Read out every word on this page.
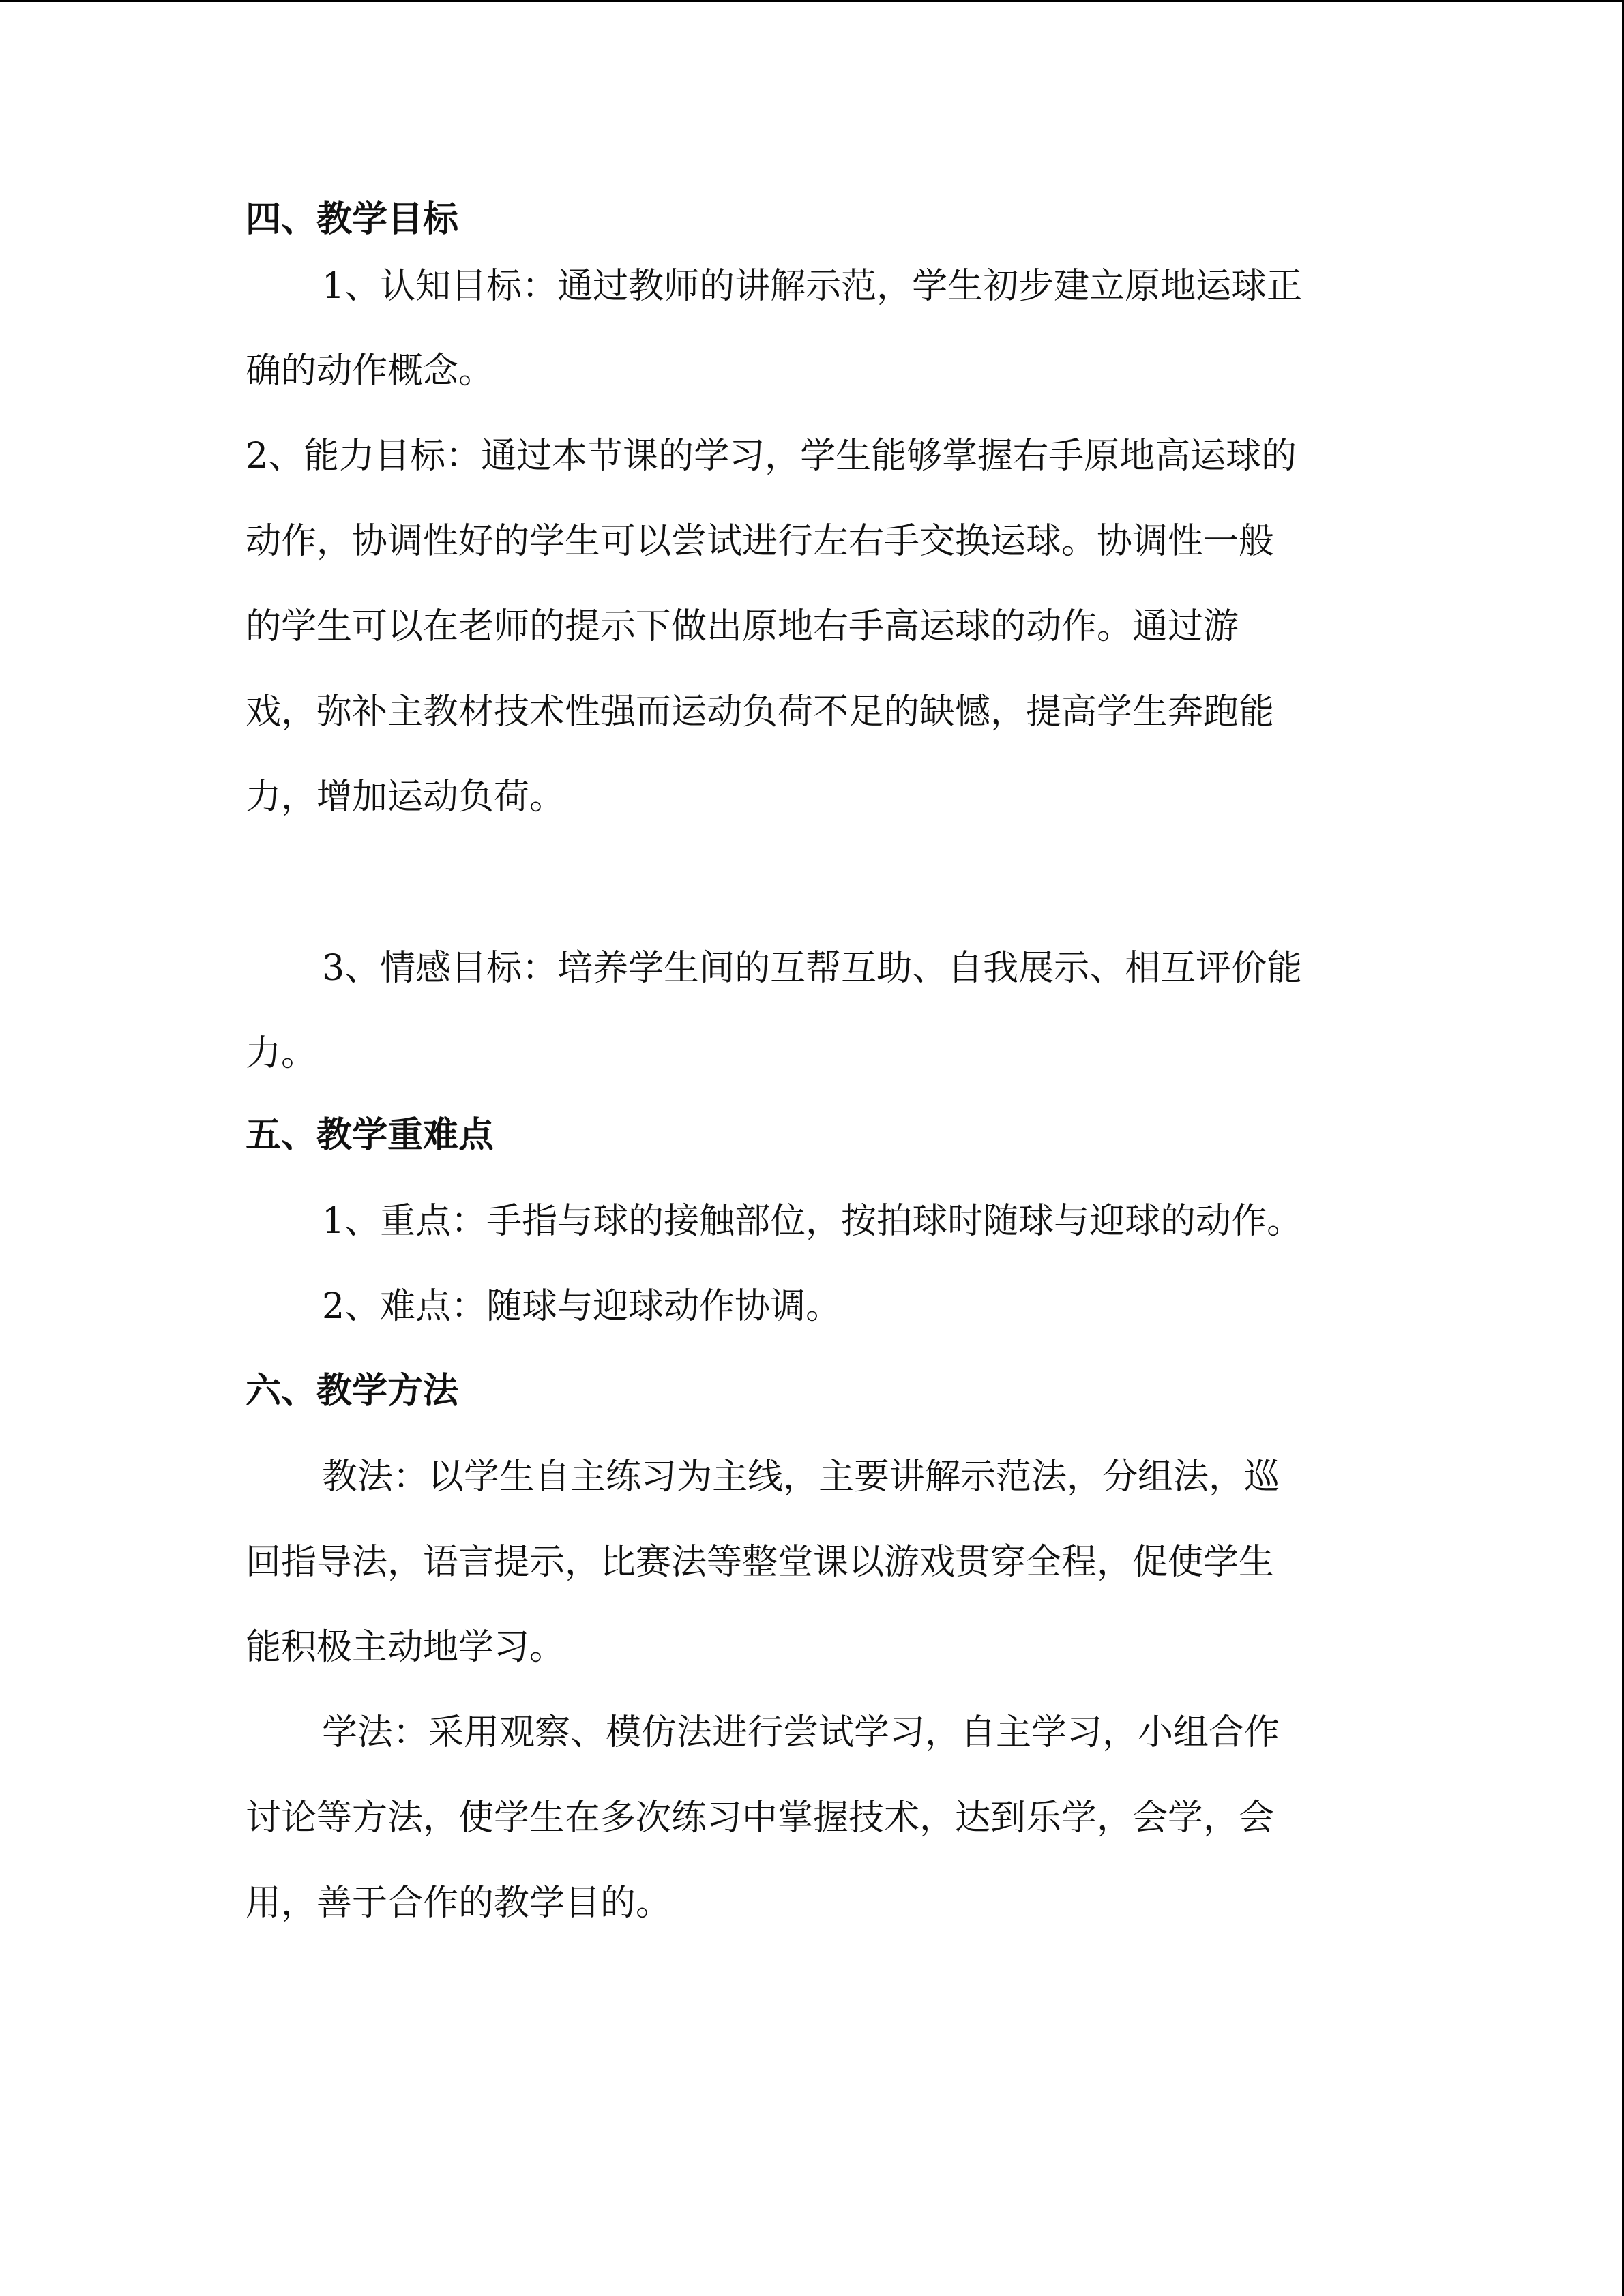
四、教学目标

1、认知目标：通过教师的讲解示范，学生初步建立原地运球正

确的动作概念。

2、能力目标：通过本节课的学习，学生能够掌握右手原地高运球的

动作，协调性好的学生可以尝试进行左右手交换运球。协调性一般

的学生可以在老师的提示下做出原地右手高运球的动作。通过游

戏，弥补主教材技术性强而运动负荷不足的缺憾，提高学生奔跑能

力，增加运动负荷。

3、情感目标：培养学生间的互帮互助、自我展示、相互评价能

力。

五、教学重难点

1、重点：手指与球的接触部位，按拍球时随球与迎球的动作。

2、难点：随球与迎球动作协调。

六、教学方法

教法：以学生自主练习为主线，主要讲解示范法，分组法，巡

回指导法，语言提示，比赛法等整堂课以游戏贯穿全程，促使学生

能积极主动地学习。

学法：采用观察、模仿法进行尝试学习，自主学习，小组合作

讨论等方法，使学生在多次练习中掌握技术，达到乐学，会学，会

用，善于合作的教学目的。
